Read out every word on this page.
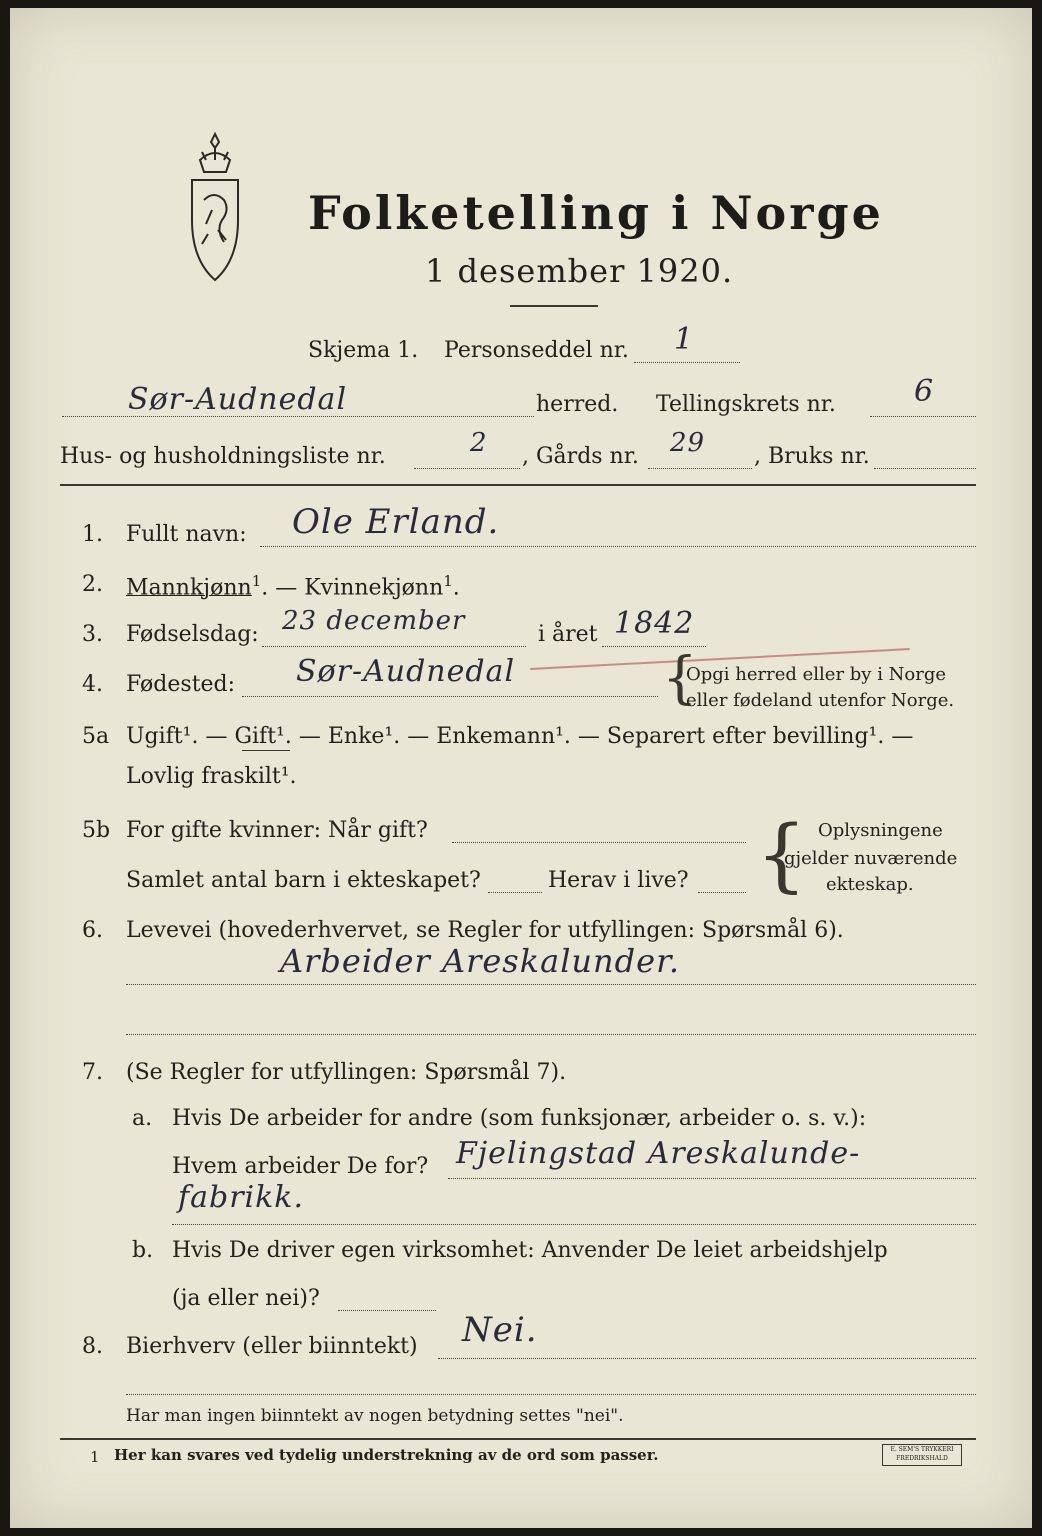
Folketelling i Norge
1 desember 1920.
Skjema 1. Personseddel nr. 1
Sør-Audnedal	herred. Tellingskrets nr.	6
Hus- og husholdningsliste nr.	2 , Gårds nr. 29 , Bruks nr.
1. Fullt navn: Ole Erland.
2. Mannkjønn$^1$. — Kvinnekjønn$^1$.
3. Fødselsdag: 23 december	i året 1842
4. Fødested: Sør-Audnedal	{
Opgi herred eller by i Norge
eller fødeland utenfor Norge.
5a Ugift¹. — Gift¹. — Enke¹. — Enkemann¹. — Separert efter bevilling¹. —
Lovlig fraskilt¹.
5b For gifte kvinner: Når gift?
Samlet antal barn i ekteskapet?	Herav i live? { Oplysningene
gjelder nuværende
ekteskap.
6. Levevei (hovederhvervet, se Regler for utfyllingen: Spørsmål 6).
Arbeider Areskalunder.
7. (Se Regler for utfyllingen: Spørsmål 7).
a. Hvis De arbeider for andre (som funksjonær, arbeider o. s. v.):
Hvem arbeider De for? Fjelingstad Areskalunde-
fabrikk.
b. Hvis De driver egen virksomhet: Anvender De leiet arbeidshjelp
(ja eller nei)?
8. Bierhverv (eller biinntekt) Nei.
Har man ingen biinntekt av nogen betydning settes "nei".
1 Her kan svares ved tydelig understrekning av de ord som passer.	E. SEM'S TRYKKERI FREDRIKSHALD
